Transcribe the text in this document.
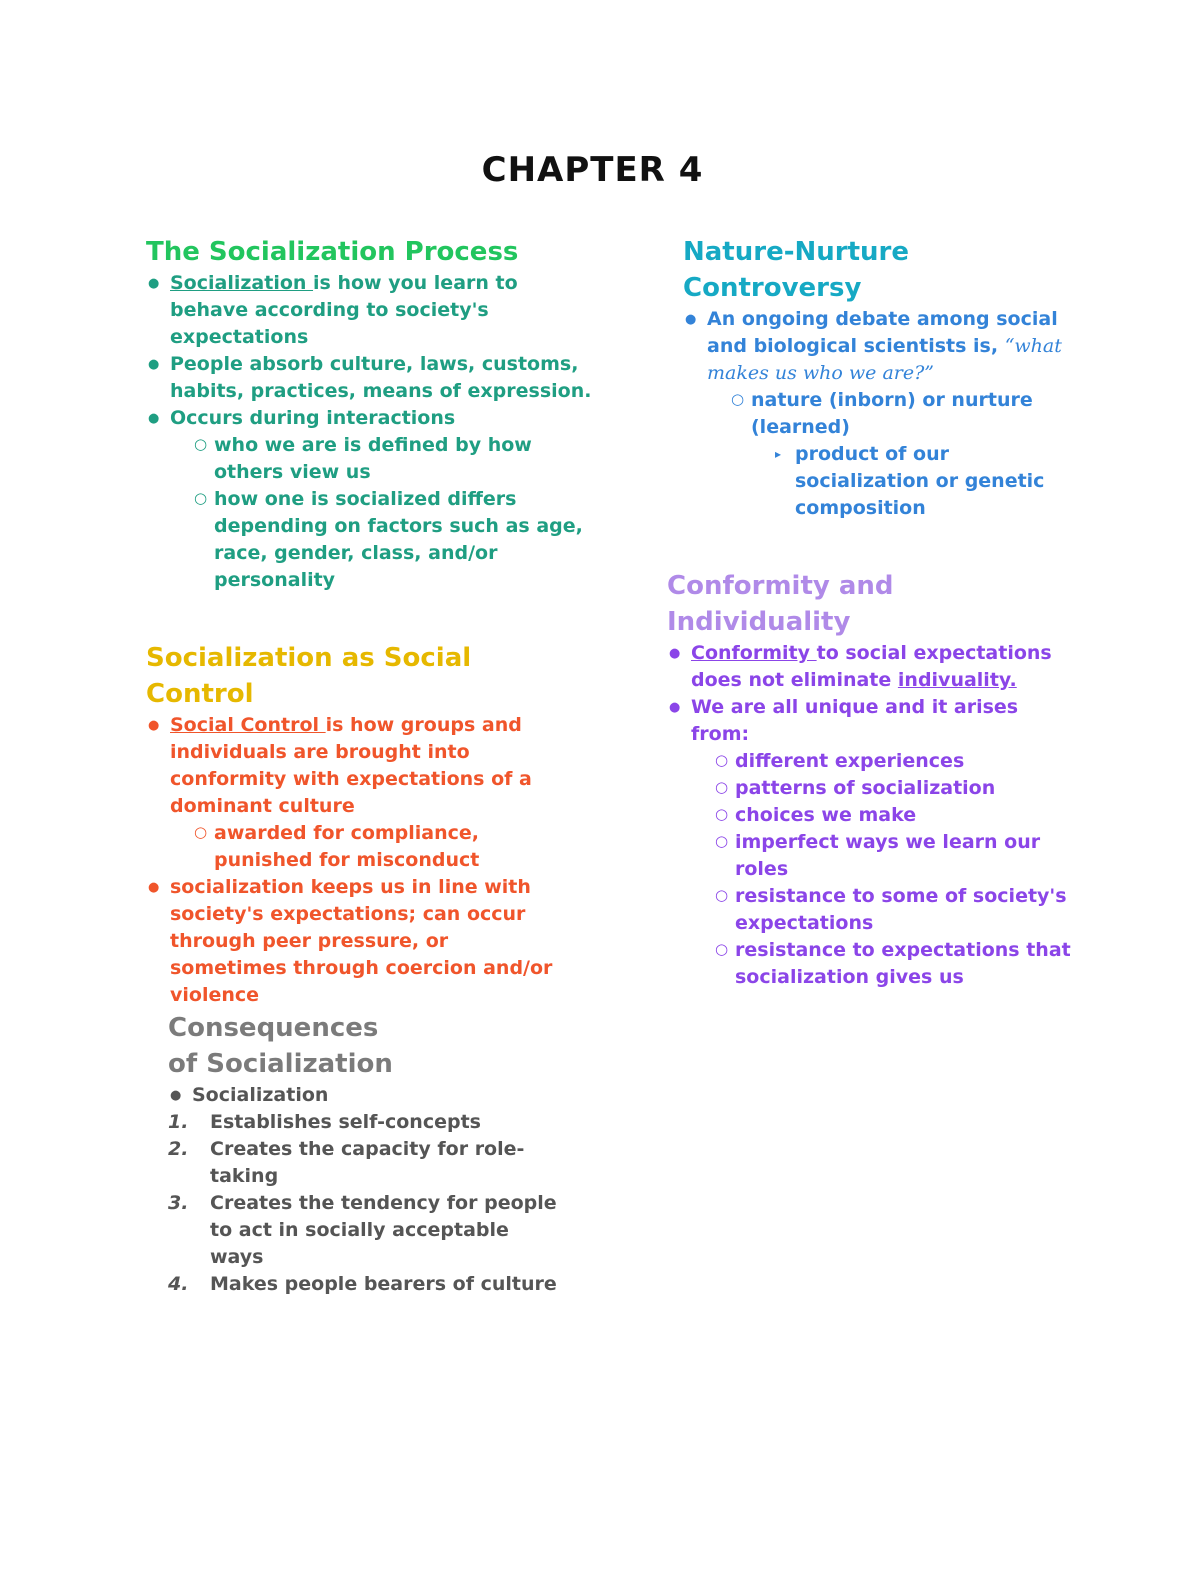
CHAPTER 4
The Socialization Process
● Socialization is how you learn to behave according to society's expectations
● People absorb culture, laws, customs, habits, practices, means of expression.
● Occurs during interactions
○ who we are is defined by how others view us
○ how one is socialized differs depending on factors such as age, race, gender, class, and/or personality
Socialization as Social Control
● Social Control is how groups and individuals are brought into conformity with expectations of a dominant culture
○ awarded for compliance, punished for misconduct
● socialization keeps us in line with society's expectations; can occur through peer pressure, or sometimes through coercion and/or violence
Consequences of Socialization
● Socialization
1. Establishes self-concepts
2. Creates the capacity for role-taking
3. Creates the tendency for people to act in socially acceptable ways
4. Makes people bearers of culture
Nature-Nurture Controversy
● An ongoing debate among social and biological scientists is, “what makes us who we are?”
○ nature (inborn) or nurture (learned)
▸ product of our socialization or genetic composition
Conformity and Individuality
● Conformity to social expectations does not eliminate indivuality.
● We are all unique and it arises from:
○ different experiences
○ patterns of socialization
○ choices we make
○ imperfect ways we learn our roles
○ resistance to some of society's expectations
○ resistance to expectations that socialization gives us
